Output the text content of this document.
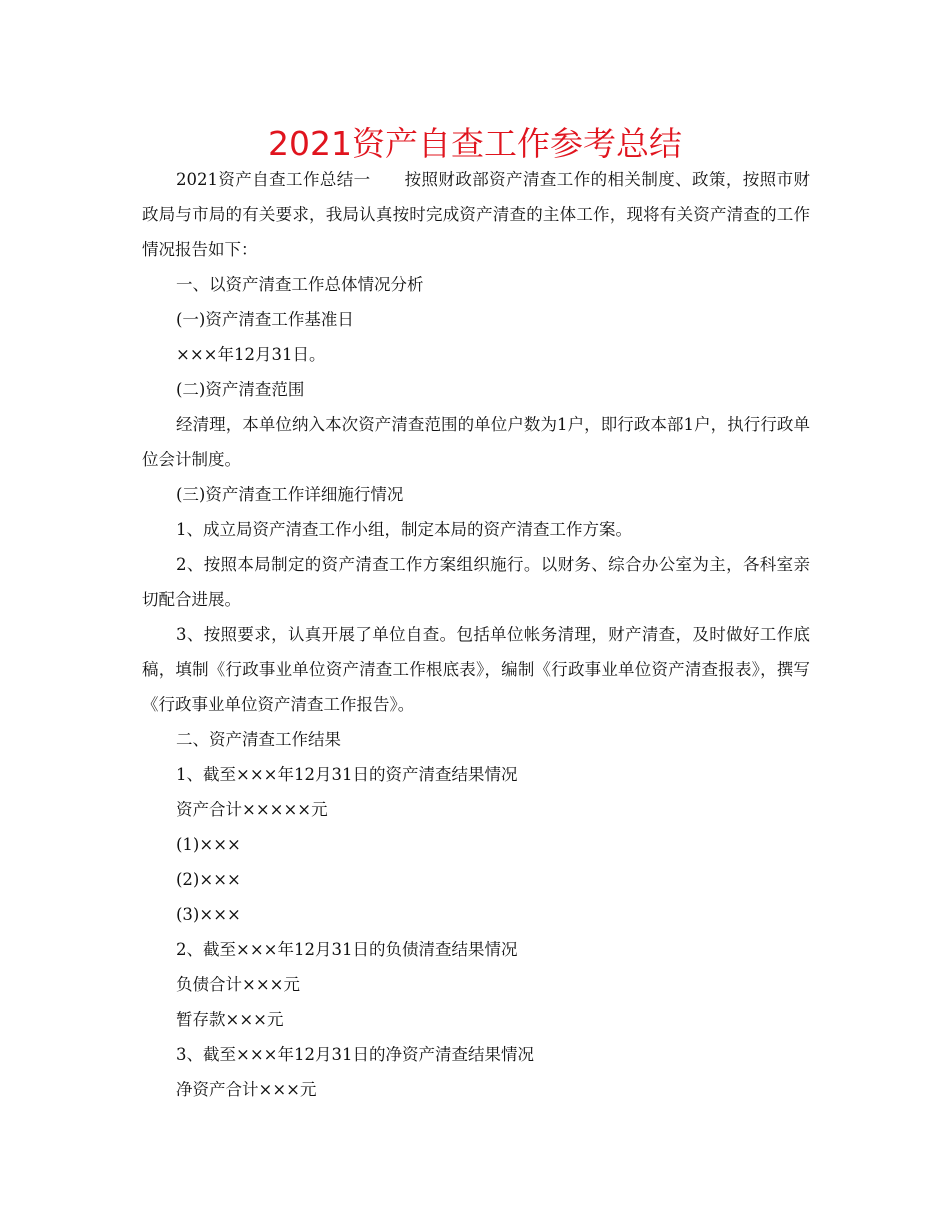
2021资产自查工作参考总结

2021资产自查工作总结一 按照财政部资产清查工作的相关制度、政策，按照市财政局与市局的有关要求，我局认真按时完成资产清查的主体工作，现将有关资产清查的工作情况报告如下：

一、以资产清查工作总体情况分析

(一)资产清查工作基准日

×××年12月31日。

(二)资产清查范围

经清理，本单位纳入本次资产清查范围的单位户数为1户，即行政本部1户，执行行政单位会计制度。

(三)资产清查工作详细施行情况

1、成立局资产清查工作小组，制定本局的资产清查工作方案。

2、按照本局制定的资产清查工作方案组织施行。以财务、综合办公室为主，各科室亲切配合进展。

3、按照要求，认真开展了单位自查。包括单位帐务清理，财产清查，及时做好工作底稿，填制《行政事业单位资产清查工作根底表》，编制《行政事业单位资产清查报表》，撰写《行政事业单位资产清查工作报告》。

二、资产清查工作结果

1、截至×××年12月31日的资产清查结果情况

资产合计×××××元

(1)×××

(2)×××

(3)×××

2、截至×××年12月31日的负债清查结果情况

负债合计×××元

暂存款×××元

3、截至×××年12月31日的净资产清查结果情况

净资产合计×××元
